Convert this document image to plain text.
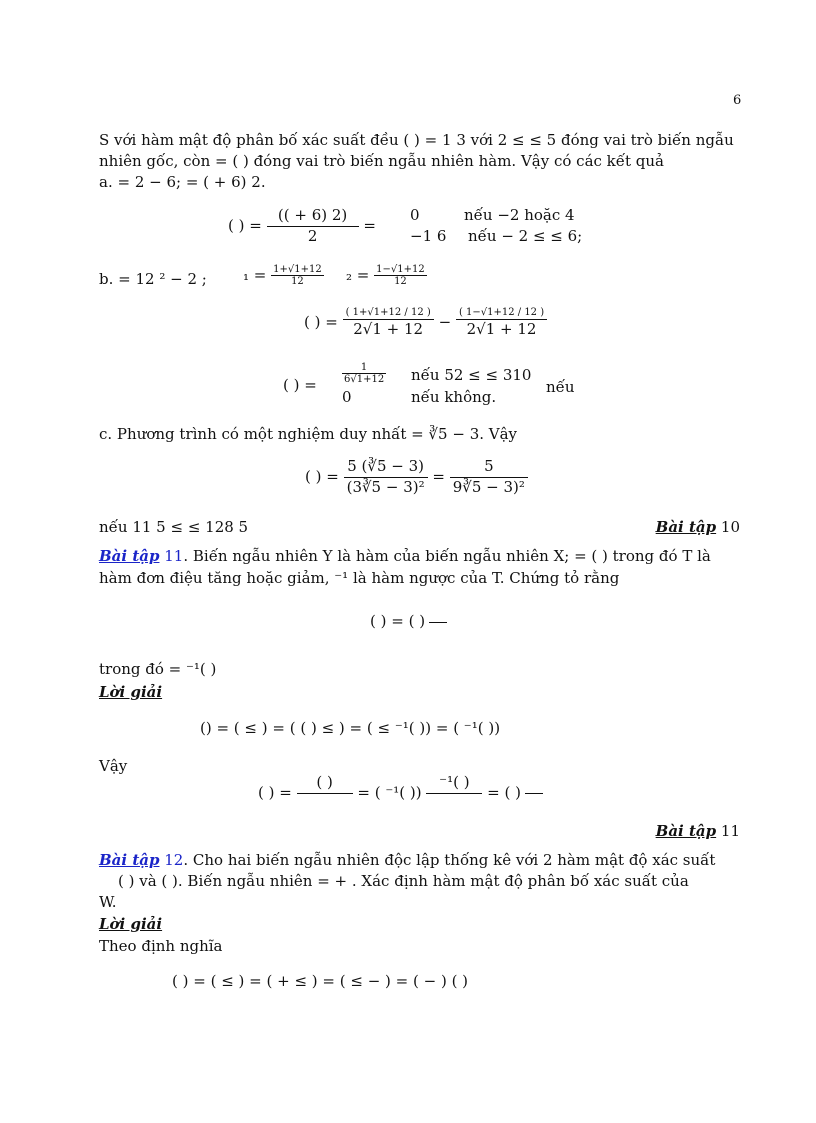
6
S với hàm mật độ phân bố xác suất đều ( ) = 1 3 với 2 ≤ ≤ 5 đóng vai trò biến ngẫu
nhiên gốc, còn = ( ) đóng vai trò biến ngẫu nhiên hàm. Vậy có các kết quả
a. = 2 − 6; = ( + 6) 2.
( ) = $\frac{(( + 6) 2)}{2}$ =
0	nếu −2 hoặc 4
−1 6 nếu − 2 ≤ ≤ 6;
b. = 12 ² − 2 ; $_1 = \frac{1+√1+12}{12} _2 = \frac{1-√1+12}{12}$
( ) = $\frac{( 1+√1+12 / 12 )}{2√1 + 12} - \frac{( 1-√1+12 / 12 )}{2√1 + 12}$
( ) =	$\frac{1}{6√1+12}$ nếu 52 ≤ ≤ 310
0	nếu không.
nếu
c. Phương trình có một nghiệm duy nhất = ∛5 − 3. Vậy
( ) = $\frac{5 (∛5 - 3)}{\text{(3∛5 − 3)²}} = \frac{5}{\text{9∛5 − 3)²}}$
nếu 11 5 ≤ ≤ 128 5	Bài tập 10
Bài tập 11. Biến ngẫu nhiên Y là hàm của biến ngẫu nhiên X; = ( ) trong đó T là
hàm đơn điệu tăng hoặc giảm, ⁻¹ là hàm ngược của T. Chứng tỏ rằng
( ) = ( )
trong đó = ⁻¹( )
Lời giải
() = ( ≤ ) = ( ( ) ≤ ) = ( ≤ ⁻¹( )) = ( ⁻¹( ))
Vậy
( ) =
( )

= ( ⁻¹( ))
⁻¹( )

= ( )
Bài tập 11
Bài tập 12. Cho hai biến ngẫu nhiên độc lập thống kê với 2 hàm mật độ xác suất
( ) và ( ). Biến ngẫu nhiên = + . Xác định hàm mật độ phân bố xác suất của
W.
Lời giải
Theo định nghĩa
( ) = ( ≤ ) = ( + ≤ ) = ( ≤ − ) = ( − ) ( )
